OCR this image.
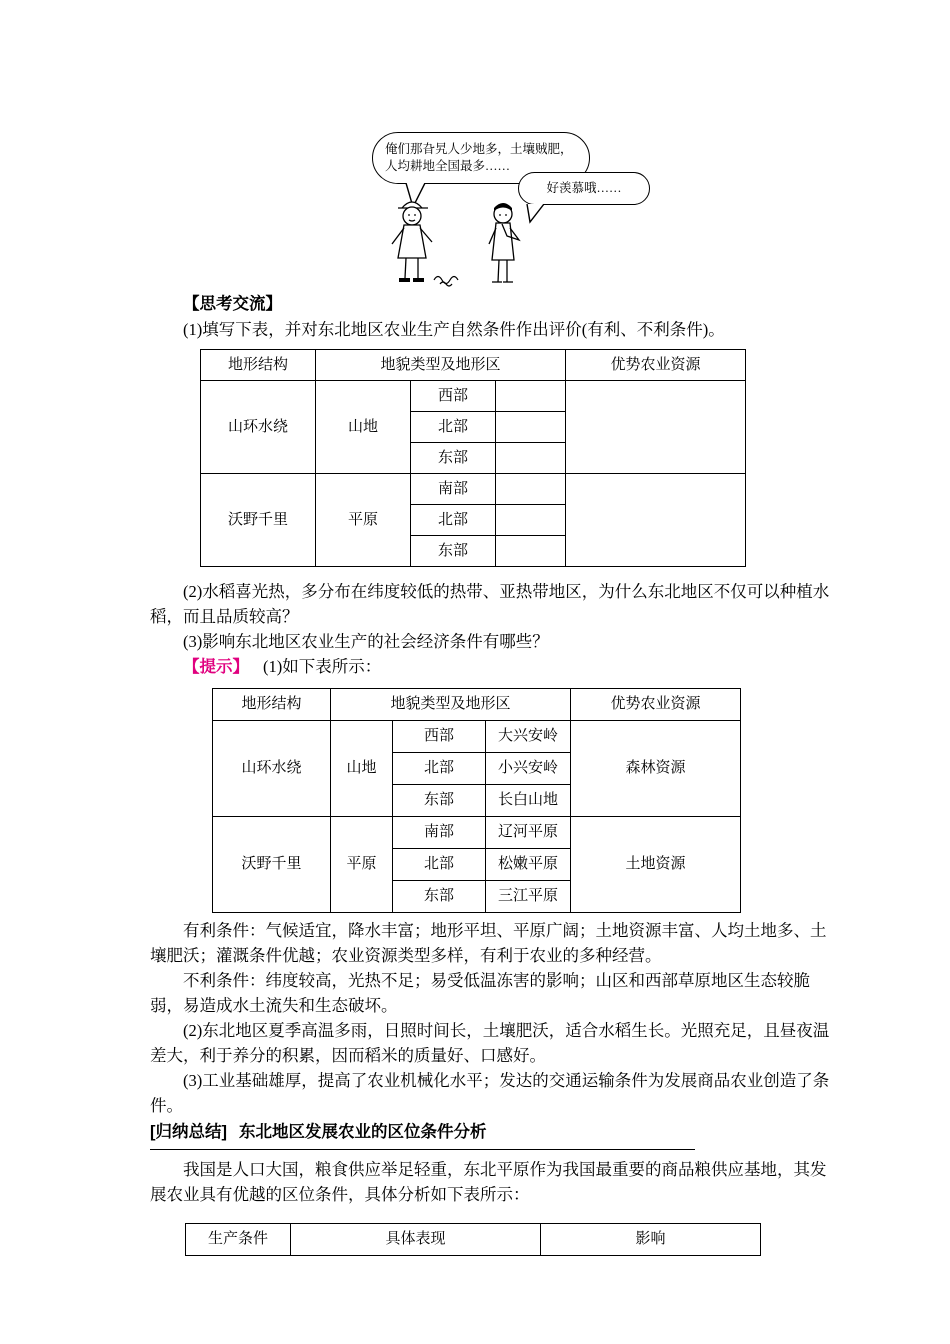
俺们那旮旯人少地多，土壤贼肥，人均耕地全国最多……
好羡慕哦……

【思考交流】

(1)填写下表，并对东北地区农业生产自然条件作出评价(有利、不利条件)。

地形结构	地貌类型及地形区			优势农业资源
山环水绕	山地	西部		
		北部		
		东部		
沃野千里	平原	南部		
		北部		
		东部		

(2)水稻喜光热，多分布在纬度较低的热带、亚热带地区，为什么东北地区不仅可以种植水稻，而且品质较高？

(3)影响东北地区农业生产的社会经济条件有哪些？

【提示】 (1)如下表所示：

地形结构	地貌类型及地形区			优势农业资源
山环水绕	山地	西部	大兴安岭	森林资源
		北部	小兴安岭	
		东部	长白山地	
沃野千里	平原	南部	辽河平原	土地资源
		北部	松嫩平原	
		东部	三江平原	

有利条件：气候适宜，降水丰富；地形平坦、平原广阔；土地资源丰富、人均土地多、土壤肥沃；灌溉条件优越；农业资源类型多样，有利于农业的多种经营。

不利条件：纬度较高，光热不足；易受低温冻害的影响；山区和西部草原地区生态较脆弱，易造成水土流失和生态破坏。

(2)东北地区夏季高温多雨，日照时间长，土壤肥沃，适合水稻生长。光照充足，且昼夜温差大，利于养分的积累，因而稻米的质量好、口感好。

(3)工业基础雄厚，提高了农业机械化水平；发达的交通运输条件为发展商品农业创造了条件。

[归纳总结] 东北地区发展农业的区位条件分析

我国是人口大国，粮食供应举足轻重，东北平原作为我国最重要的商品粮供应基地，其发展农业具有优越的区位条件，具体分析如下表所示：

生产条件	具体表现	影响
